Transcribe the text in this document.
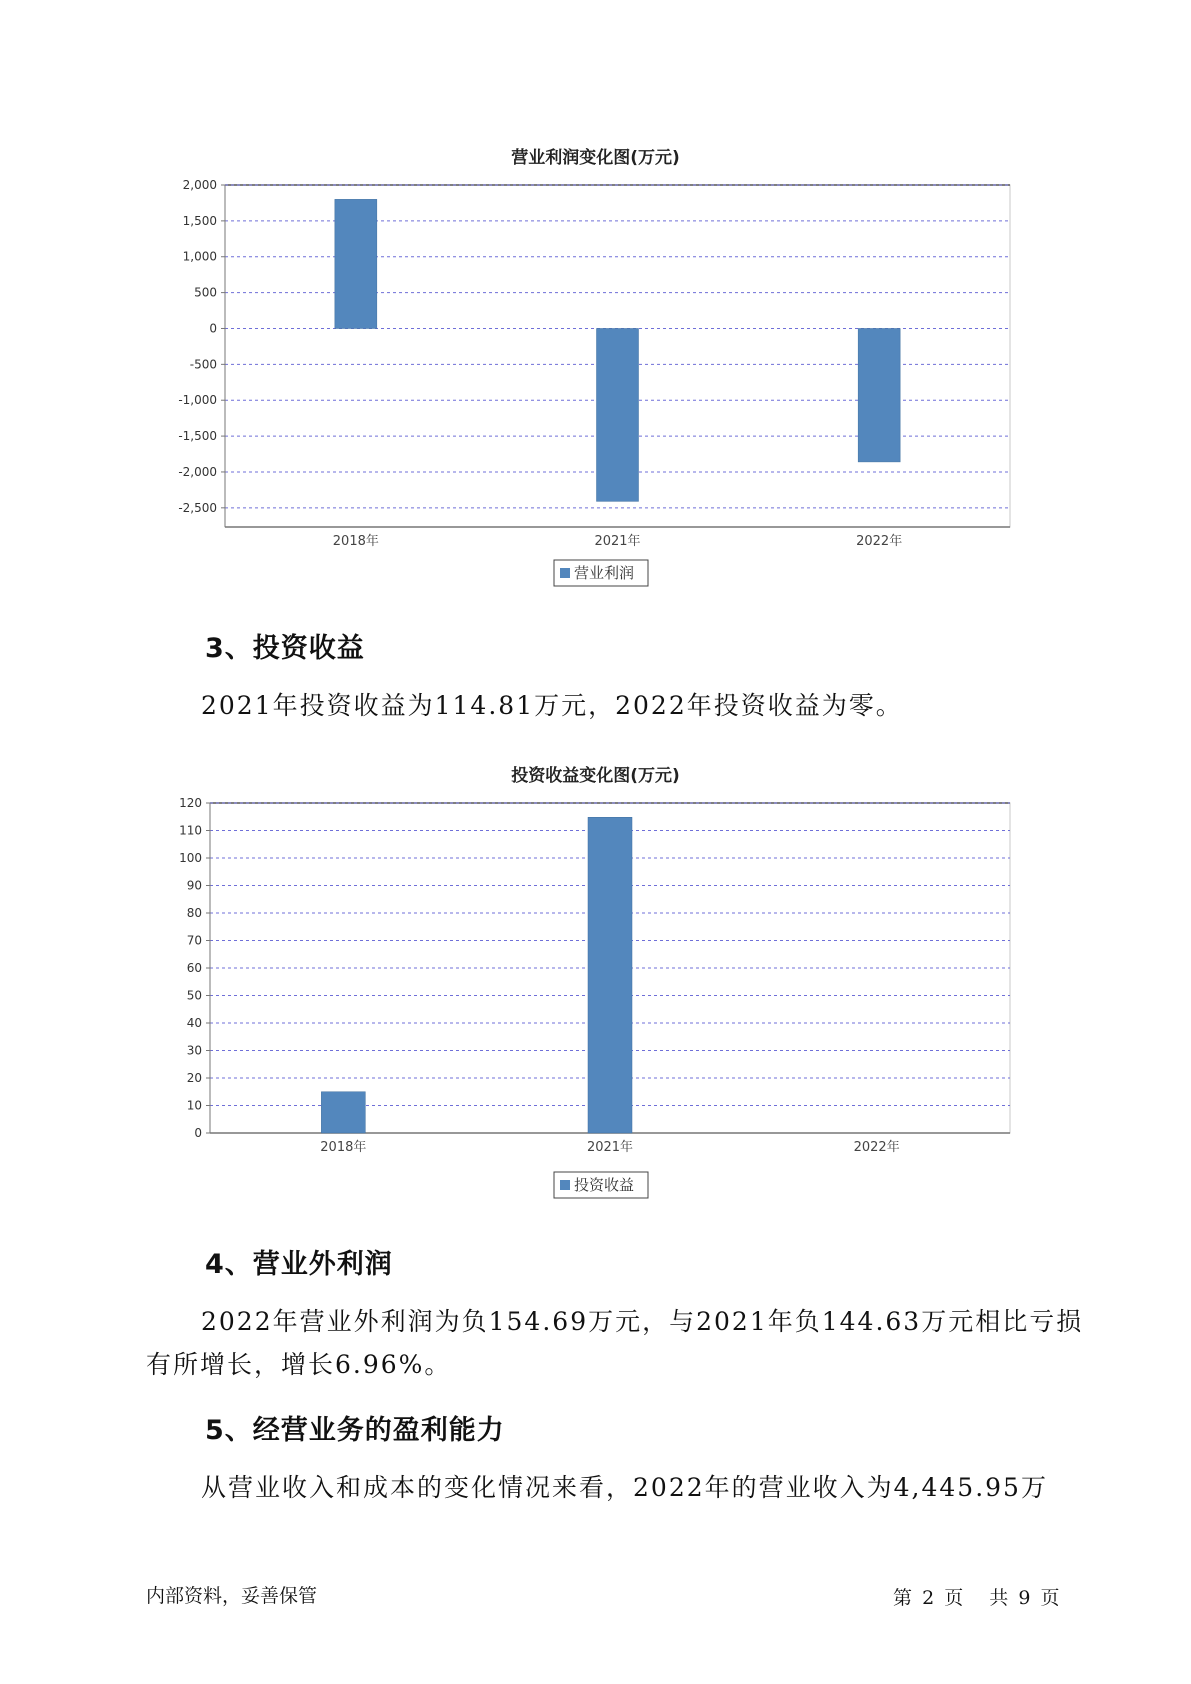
营业利润变化图(万元)
2,000
1,500
1,000
500
0
-500
-1,000
-1,500
-2,000
-2,500
2018年	2021年	2022年
营业利润
3、投资收益
2021年投资收益为114.81万元，2022年投资收益为零。
投资收益变化图(万元)
120
110
100
90
80
70
60
50
40
30
20
10
0
2018年	2021年	2022年
投资收益
4、营业外利润
2022年营业外利润为负154.69万元，与2021年负144.63万元相比亏损
有所增长，增长6.96%。
5、经营业务的盈利能力
从营业收入和成本的变化情况来看，2022年的营业收入为4,445.95万
内部资料，妥善保管	第 2 页 共 9 页
